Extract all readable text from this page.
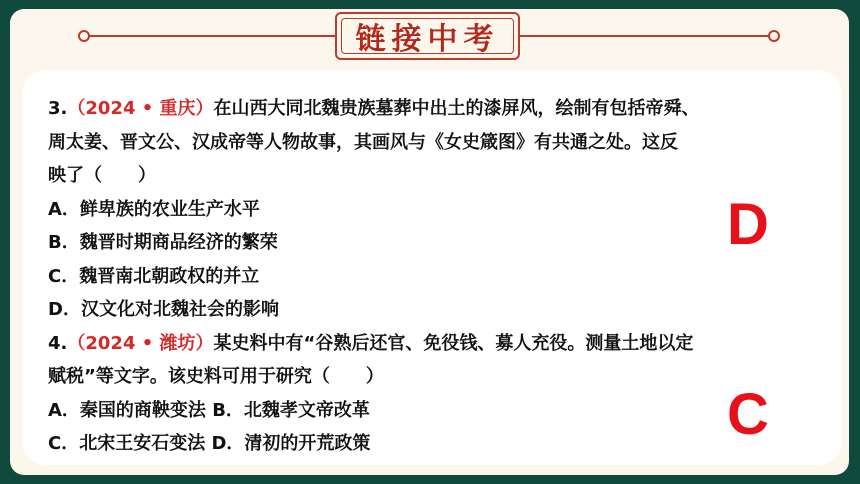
链接中考
3.（2024 • 重庆）在山西大同北魏贵族墓葬中出土的漆屏风，绘制有包括帝舜、
周太姜、晋文公、汉成帝等人物故事，其画风与《女史箴图》有共通之处。这反
映了（　　）
A．鲜卑族的农业生产水平
B．魏晋时期商品经济的繁荣
C．魏晋南北朝政权的并立
D．汉文化对北魏社会的影响
D
4.（2024 • 潍坊）某史料中有“谷熟后还官、免役钱、募人充役。测量土地以定
赋税”等文字。该史料可用于研究（　　）
A．秦国的商鞅变法 B．北魏孝文帝改革
C．北宋王安石变法 D．清初的开荒政策	C
